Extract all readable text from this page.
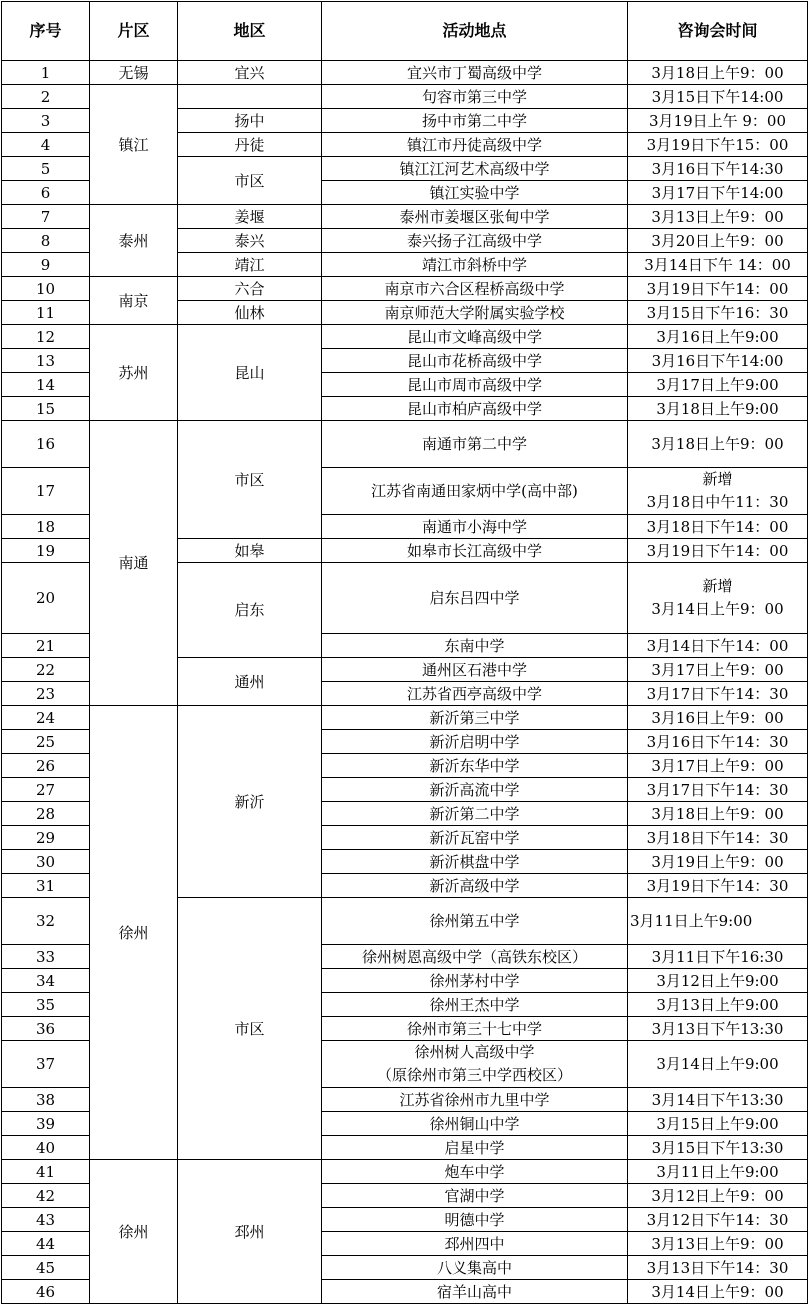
序号	片区	地区	活动地点	咨询会时间
1	无锡	宜兴	宜兴市丁蜀高级中学	3月18日上午9：00
2	镇江		句容市第三中学	3月15日下午14:00
3		扬中	扬中市第二中学	3月19日上午 9：00
4		丹徒	镇江市丹徒高级中学	3月19日下午15：00
5		市区	镇江江河艺术高级中学	3月16日下午14:30
6			镇江实验中学	3月17日下午14:00
7	泰州	姜堰	泰州市姜堰区张甸中学	3月13日上午9：00
8		泰兴	泰兴扬子江高级中学	3月20日上午9：00
9		靖江	靖江市斜桥中学	3月14日下午 14：00
10	南京	六合	南京市六合区程桥高级中学	3月19日下午14：00
11		仙林	南京师范大学附属实验学校	3月15日下午16：30
12	苏州	昆山	昆山市文峰高级中学	3月16日上午9:00
13			昆山市花桥高级中学	3月16日下午14:00
14			昆山市周市高级中学	3月17日上午9:00
15			昆山市柏庐高级中学	3月18日上午9:00
16	南通	市区	南通市第二中学	3月18日上午9：00
17			江苏省南通田家炳中学(高中部)	新增
3月18日中午11：30
18			南通市小海中学	3月18日下午14：00
19		如皋	如皋市长江高级中学	3月19日下午14：00
20		启东	启东吕四中学	新增
3月14日上午9：00
21			东南中学	3月14日下午14：00
22		通州	通州区石港中学	3月17日上午9：00
23			江苏省西亭高级中学	3月17日下午14：30
24	徐州	新沂	新沂第三中学	3月16日上午9：00
25			新沂启明中学	3月16日下午14：30
26			新沂东华中学	3月17日上午9：00
27			新沂高流中学	3月17日下午14：30
28			新沂第二中学	3月18日上午9：00
29			新沂瓦窑中学	3月18日下午14：30
30			新沂棋盘中学	3月19日上午9：00
31			新沂高级中学	3月19日下午14：30
32		市区	徐州第五中学	3月11日上午9:00
33			徐州树恩高级中学（高铁东校区）	3月11日下午16:30
34			徐州茅村中学	3月12日上午9:00
35			徐州王杰中学	3月13日上午9:00
36			徐州市第三十七中学	3月13日下午13:30
37			徐州树人高级中学
（原徐州市第三中学西校区）	3月14日上午9:00
38			江苏省徐州市九里中学	3月14日下午13:30
39			徐州铜山中学	3月15日上午9:00
40			启星中学	3月15日下午13:30
41	徐州	邳州	炮车中学	3月11日上午9:00
42			官湖中学	3月12日上午9：00
43			明德中学	3月12日下午14：30
44			邳州四中	3月13日上午9：00
45			八义集高中	3月13日下午14：30
46			宿羊山高中	3月14日上午9：00
